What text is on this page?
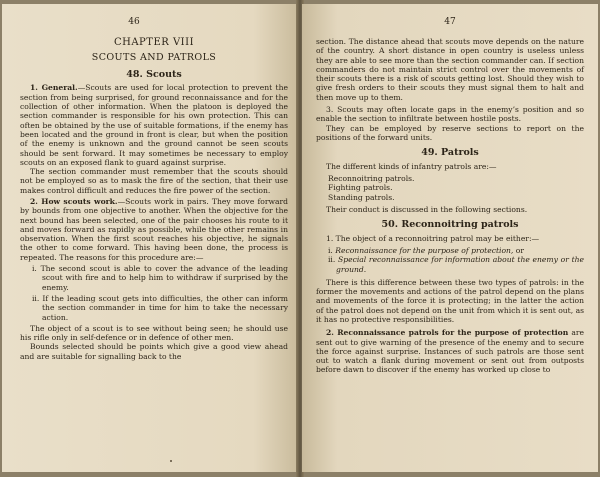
46
CHAPTER VIII
SCOUTS AND PATROLS
48. Scouts

1. General.—Scouts are used for local protection to prevent the section from being surprised, for ground reconnaissance and for the collection of other information. When the platoon is deployed the section commander is responsible for his own protection. This can often be obtained by the use of suitable formations, if the enemy has been located and the ground in front is clear, but when the position of the enemy is unknown and the ground cannot be seen scouts should be sent forward. It may sometimes be necessary to employ scouts on an exposed flank to guard against surprise.

The section commander must remember that the scouts should not be employed so as to mask the fire of the section, that their use makes control difficult and reduces the fire power of the section.

2. How scouts work.—Scouts work in pairs. They move forward by bounds from one objective to another. When the objective for the next bound has been selected, one of the pair chooses his route to it and moves forward as rapidly as possible, while the other remains in observation. When the first scout reaches his objective, he signals the other to come forward. This having been done, the process is repeated. The reasons for this procedure are:—

i. The second scout is able to cover the advance of the leading scout with fire and to help him to withdraw if surprised by the enemy.
ii. If the leading scout gets into difficulties, the other can inform the section commander in time for him to take the necessary action.

The object of a scout is to see without being seen; he should use his rifle only in self-defence or in defence of other men.

Bounds selected should be points which give a good view ahead and are suitable for signalling back to the

47

section. The distance ahead that scouts move depends on the nature of the country. A short distance in open country is useless unless they are able to see more than the section commander can. If section commanders do not maintain strict control over the movements of their scouts there is a risk of scouts getting lost. Should they wish to give fresh orders to their scouts they must signal them to halt and then move up to them.

3. Scouts may often locate gaps in the enemy’s position and so enable the section to infiltrate between hostile posts.

They can be employed by reserve sections to report on the positions of the forward units.

49. Patrols

The different kinds of infantry patrols are:—

Reconnoitring patrols.
Fighting patrols.
Standing patrols.

Their conduct is discussed in the following sections.

50. Reconnoitring patrols

1. The object of a reconnoitring patrol may be either:—

i. Reconnaissance for the purpose of protection, or
ii. Special reconnaissance for information about the enemy or the ground.

There is this difference between these two types of patrols: in the former the movements and actions of the patrol depend on the plans and movements of the force it is protecting; in the latter the action of the patrol does not depend on the unit from which it is sent out, as it has no protective responsibilities.

2. Reconnaissance patrols for the purpose of protection are sent out to give warning of the presence of the enemy and to secure the force against surprise. Instances of such patrols are those sent out to watch a flank during movement or sent out from outposts before dawn to discover if the enemy has worked up close to
